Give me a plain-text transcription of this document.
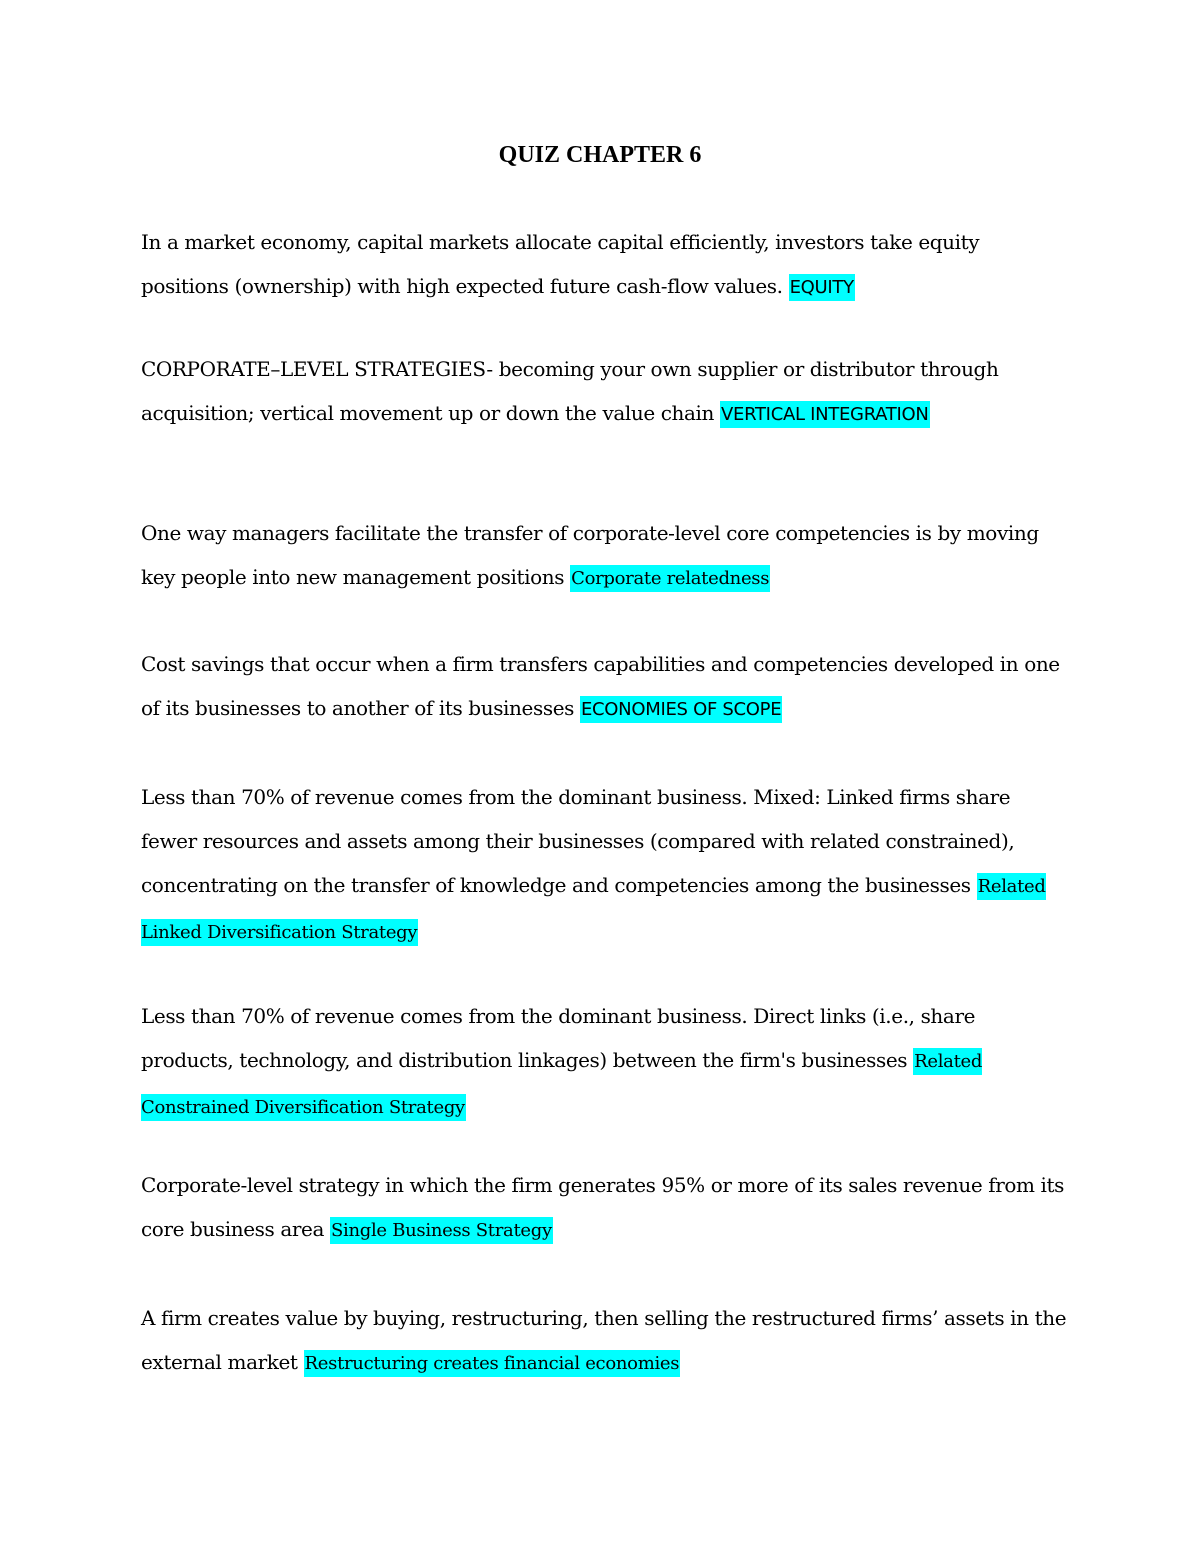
QUIZ CHAPTER 6

In a market economy, capital markets allocate capital efficiently, investors take equity positions (ownership) with high expected future cash-flow values. EQUITY

CORPORATE–LEVEL STRATEGIES- becoming your own supplier or distributor through acquisition; vertical movement up or down the value chain VERTICAL INTEGRATION

One way managers facilitate the transfer of corporate-level core competencies is by moving key people into new management positions Corporate relatedness

Cost savings that occur when a firm transfers capabilities and competencies developed in one of its businesses to another of its businesses ECONOMIES OF SCOPE

Less than 70% of revenue comes from the dominant business. Mixed: Linked firms share fewer resources and assets among their businesses (compared with related constrained), concentrating on the transfer of knowledge and competencies among the businesses Related Linked Diversification Strategy

Less than 70% of revenue comes from the dominant business. Direct links (i.e., share products, technology, and distribution linkages) between the firm's businesses Related Constrained Diversification Strategy

Corporate-level strategy in which the firm generates 95% or more of its sales revenue from its core business area Single Business Strategy

A firm creates value by buying, restructuring, then selling the restructured firms’ assets in the external market Restructuring creates financial economies
